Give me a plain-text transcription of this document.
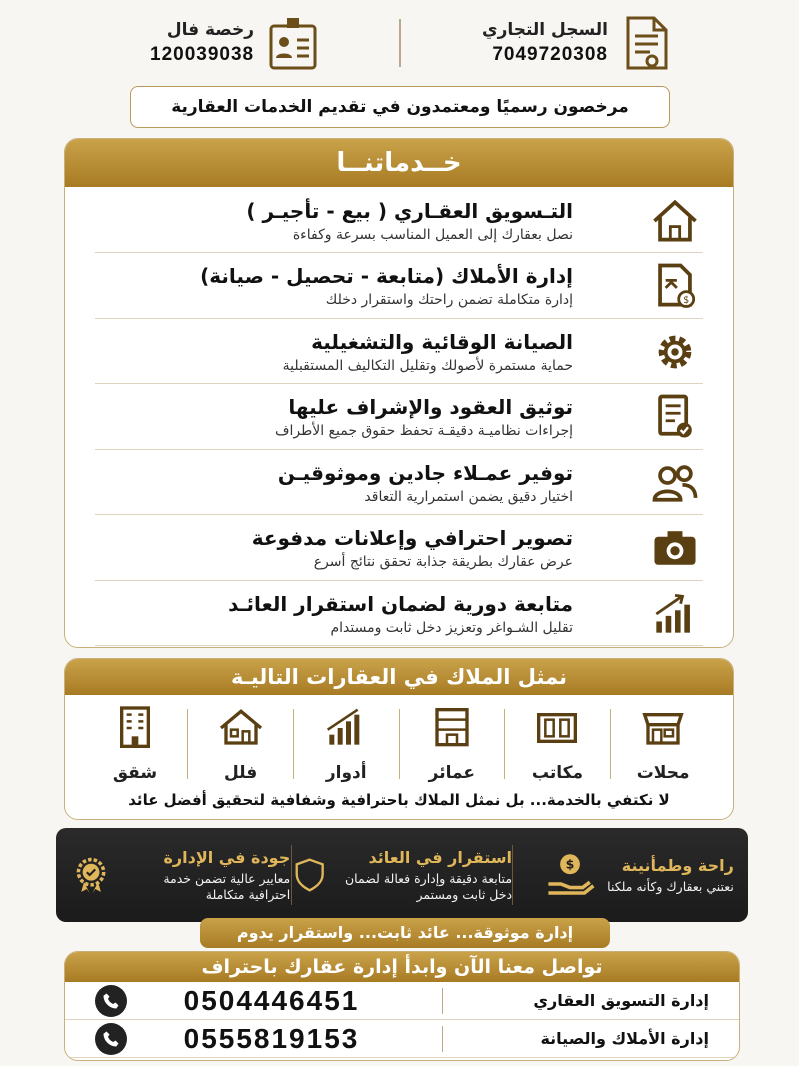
السجل التجاري
7049720308
رخصة فال
120039038
مرخصون رسميًا ومعتمدون في تقديم الخدمات العقارية
خــدماتنــا
التـسويق العقـاري ( بيع - تأجيـر )
نصل بعقارك إلى العميل المناسب بسرعة وكفاءة
$
إدارة الأملاك (متابعة - تحصيل - صيانة)
إدارة متكاملة تضمن راحتك واستقرار دخلك
الصيانة الوقائية والتشغيلية
حماية مستمرة لأصولك وتقليل التكاليف المستقبلية
توثيق العقود والإشراف عليها
إجراءات نظاميـة دقيقـة تحفظ حقوق جميع الأطراف
توفير عمـلاء جادين وموثوقيـن
اختيار دقيق يضمن استمرارية التعاقد
تصوير احترافي وإعلانات مدفوعة
عرض عقارك بطريقة جذابة تحقق نتائج أسرع
متابعة دورية لضمان استقرار العائـد
تقليل الشـواغر وتعزيز دخل ثابت ومستدام
نمثل الملاك في العقارات التاليـة
محلات
مكاتب
عمائر
أدوار
فلل
شقق
لا نكتفي بالخدمة... بل نمثل الملاك باحترافية وشفافية لتحقيق أفضل عائد
راحة وطمأنينة
نعتني بعقارك وكأنه ملكنا
$
استقرار في العائد
متابعة دقيقة وإدارة فعالة لضمان دخل ثابت ومستمر
جودة في الإدارة
معايير عالية تضمن خدمة احترافية متكاملة
إدارة موثوقة... عائد ثابت... واستقرار يدوم
تواصل معنا الآن وابدأ إدارة عقارك باحتراف
إدارة التسويق العقاري
0504446451
إدارة الأملاك والصيانة
0555819153
